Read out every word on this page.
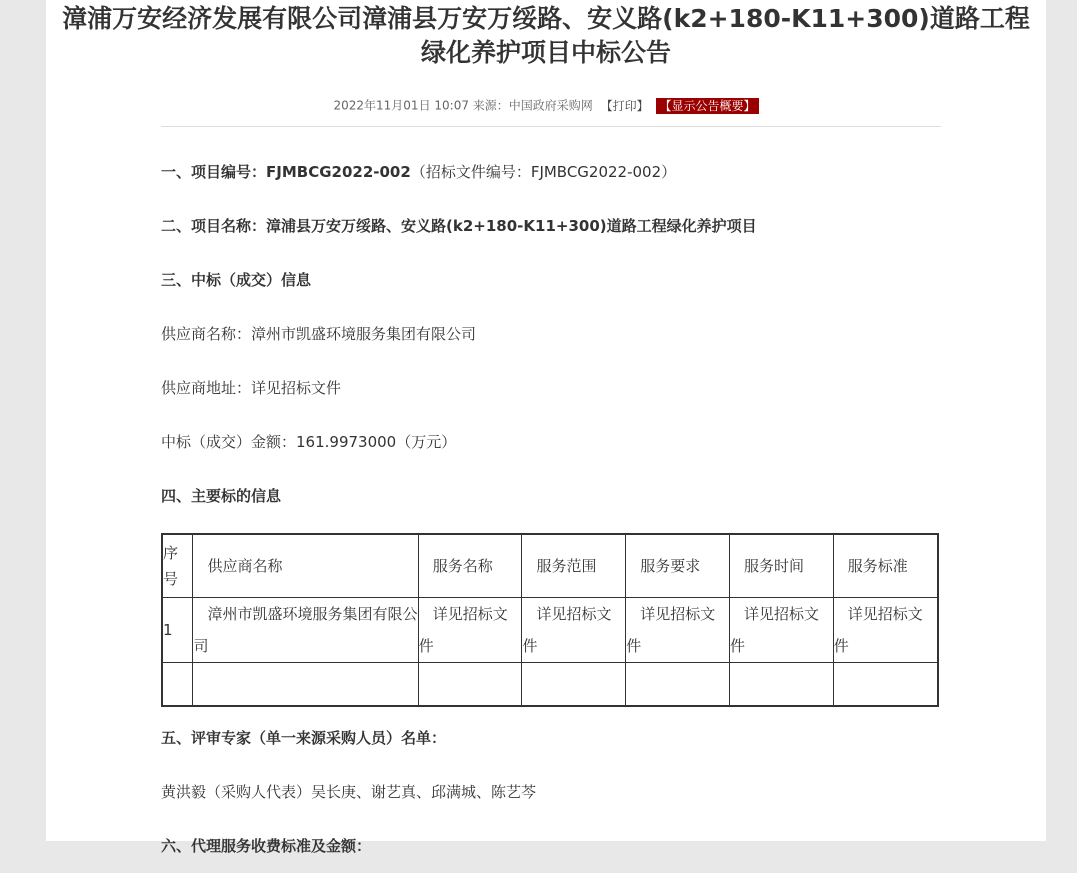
漳浦万安经济发展有限公司漳浦县万安万绥路、安义路(k2+180-K11+300)道路工程绿化养护项目中标公告
2022年11月01日 10:07 来源：中国政府采购网 【打印】 【显示公告概要】
一、项目编号：FJMBCG2022-002（招标文件编号：FJMBCG2022-002）
二、项目名称：漳浦县万安万绥路、安义路(k2+180-K11+300)道路工程绿化养护项目
三、中标（成交）信息
供应商名称：漳州市凯盛环境服务集团有限公司
供应商地址：详见招标文件
中标（成交）金额：161.9973000（万元）
四、主要标的信息
序号	供应商名称	服务名称	服务范围	服务要求	服务时间	服务标准

1	漳州市凯盛环境服务集团有限公司	详见招标文件	详见招标文件	详见招标文件	详见招标文件	详见招标文件

五、评审专家（单一来源采购人员）名单：
黄洪毅（采购人代表）吴长庚、谢艺真、邱满城、陈艺芩
六、代理服务收费标准及金额：
